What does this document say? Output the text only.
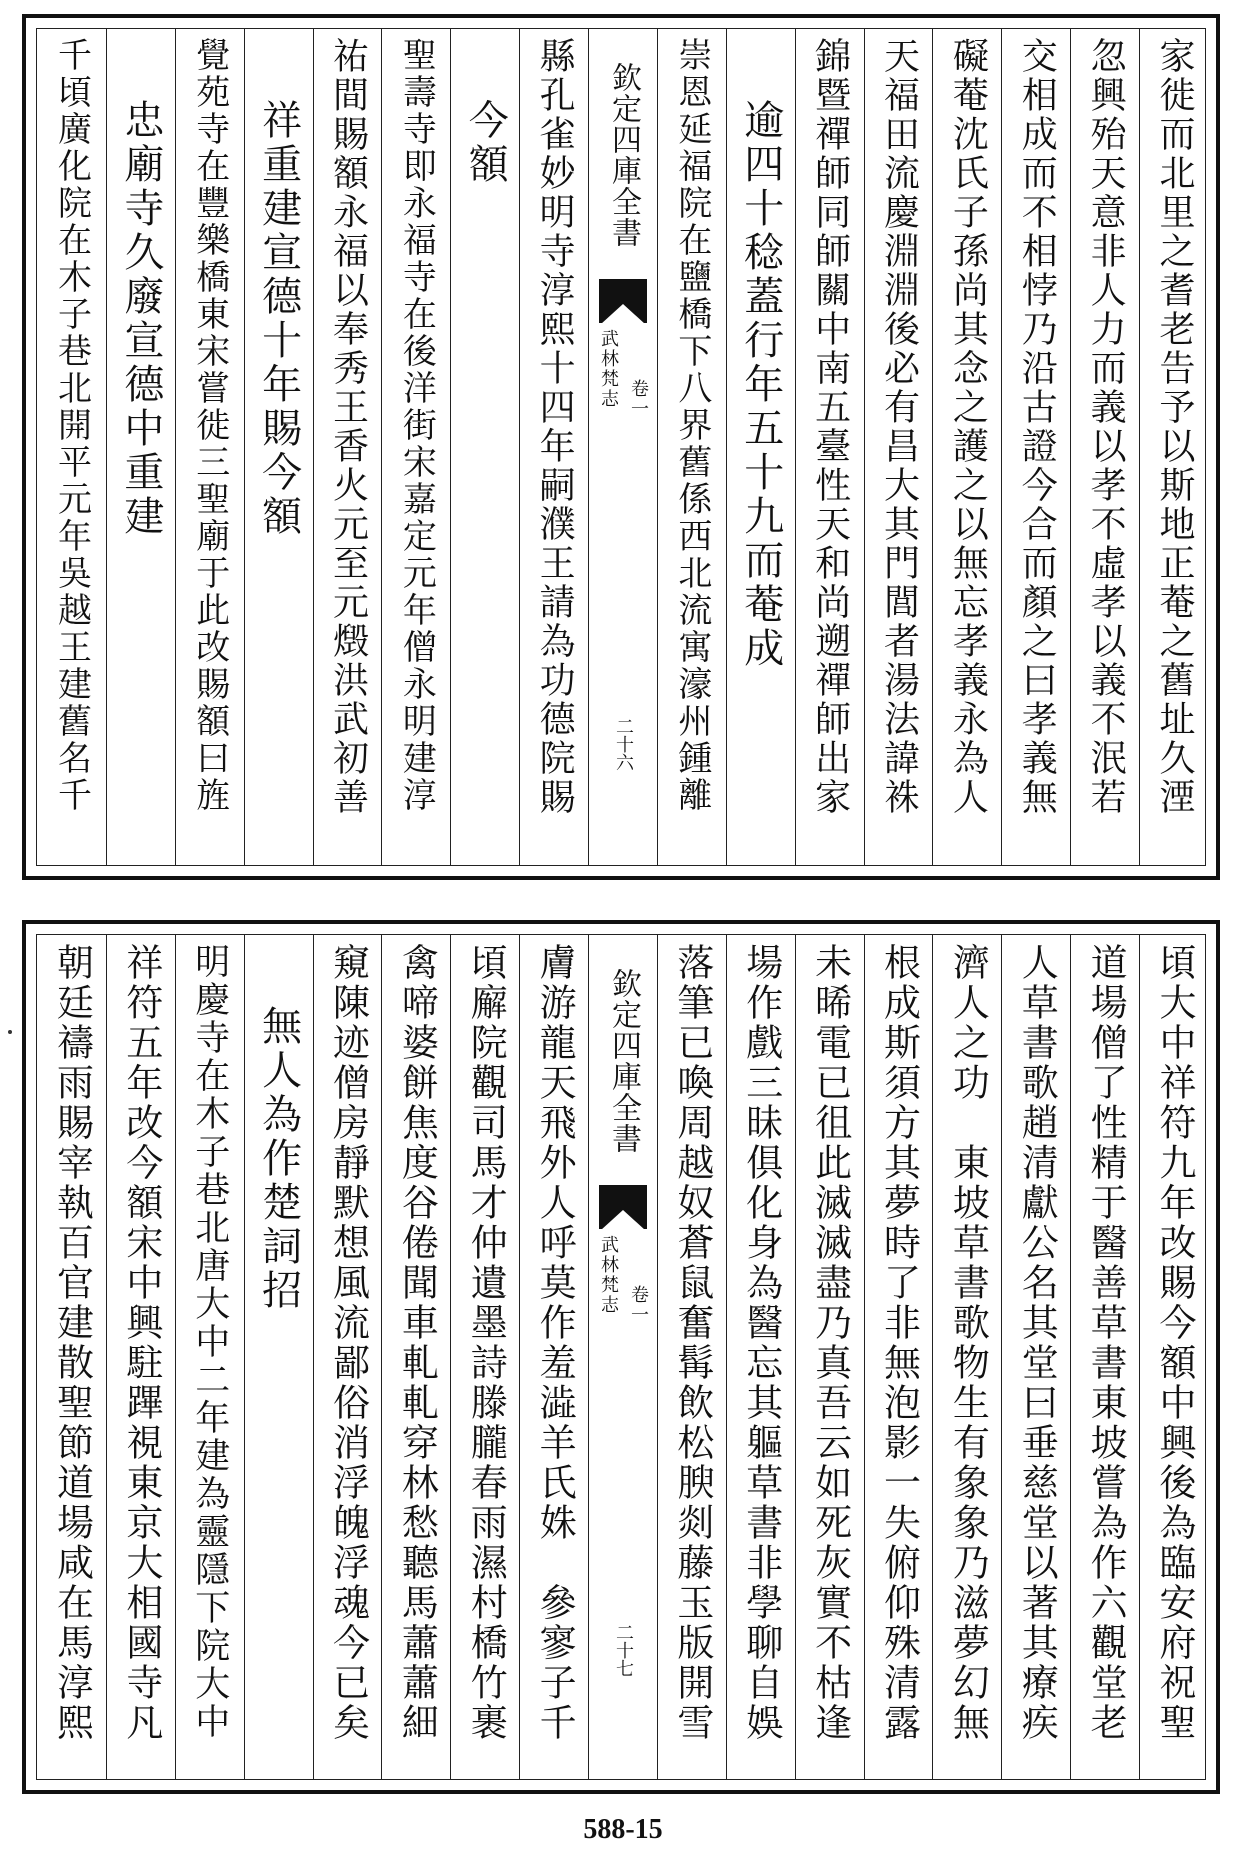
千頃廣化院在木子巷北開平元年吳越王建舊名千 忠廟寺久廢宣德中重建 覺苑寺在豐樂橋東宋嘗徙三聖廟于此改賜額曰旌 祥重建宣德十年賜今額 祐間賜額永福以奉秀王香火元至元燬洪武初善 聖壽寺即永福寺在後洋街宋嘉定元年僧永明建淳 今額 縣孔雀妙明寺淳熙十四年嗣濮王請為功德院賜	欽定四庫全書
武林梵志 卷一
二十六	崇恩延福院在鹽橋下八界舊係西北流寓濠州鍾離 逾四十稔蓋行年五十九而菴成 錦暨禪師同師關中南五臺性天和尚遡禪師出家 天福田流慶淵淵後必有昌大其門閭者湯法諱袾 礙菴沈氏子孫尚其念之護之以無忘孝義永為人 交相成而不相悖乃沿古證今合而顏之曰孝義無 忽興殆天意非人力而義以孝不虛孝以義不泯若 家徙而北里之耆老告予以斯地正菴之舊址久湮
朝廷禱雨賜宰執百官建散聖節道場咸在馬淳熙 祥符五年改今額宋中興駐蹕視東京大相國寺凡 明慶寺在木子巷北唐大中二年建為靈隱下院大中 無人為作楚詞招 窺陳迹僧房靜默想風流鄙俗消浮魄浮魂今已矣 禽啼婆餅焦度谷倦聞車軋軋穿林愁聽馬蕭蕭細 頃廨院觀司馬才仲遺墨詩滕朧春雨濕村橋竹裹 膚游龍天飛外人呼莫作羞澁羊氏姝　參寥子千 欽定四庫全書
武林梵志 卷一
二十七 落筆已喚周越奴蒼鼠奮髯飲松腴剡藤玉版開雪 場作戲三昧俱化身為醫忘其軀草書非學聊自娛 未晞電已徂此滅滅盡乃真吾云如死灰實不枯逢 根成斯須方其夢時了非無泡影一失俯仰殊清露 濟人之功　東坡草書歌物生有象象乃滋夢幻無 人草書歌趙清獻公名其堂曰垂慈堂以著其療疾 道場僧了性精于醫善草書東坡嘗為作六觀堂老 頃大中祥符九年改賜今額中興後為臨安府祝聖
588-15
